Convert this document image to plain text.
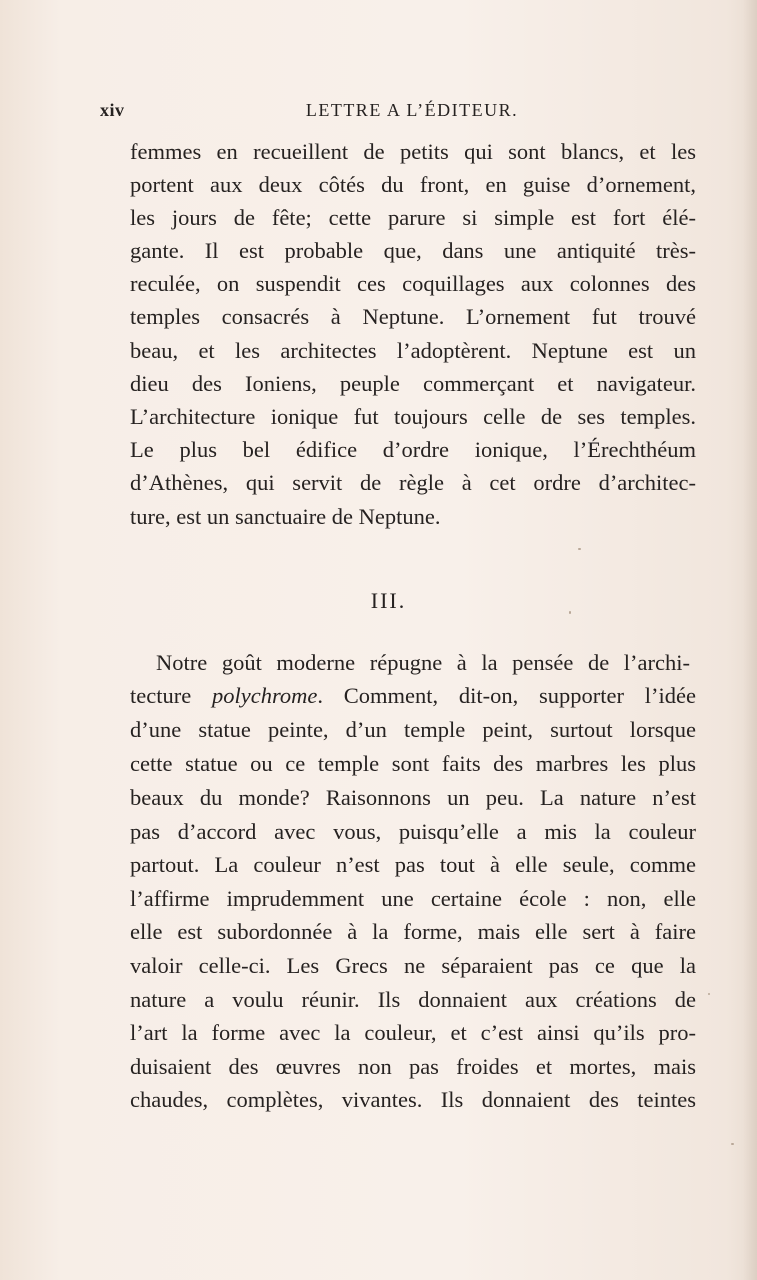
xiv	LETTRE A L’ÉDITEUR.
femmes en recueillent de petits qui sont blancs, et les
portent aux deux côtés du front, en guise d’ornement,
les jours de fête; cette parure si simple est fort élé-
gante. Il est probable que, dans une antiquité très-
reculée, on suspendit ces coquillages aux colonnes des
temples consacrés à Neptune. L’ornement fut trouvé
beau, et les architectes l’adoptèrent. Neptune est un
dieu des Ioniens, peuple commerçant et navigateur.
L’architecture ionique fut toujours celle de ses temples.
Le plus bel édifice d’ordre ionique, l’Érechthéum
d’Athènes, qui servit de règle à cet ordre d’architec-
ture, est un sanctuaire de Neptune.
III.
Notre goût moderne répugne à la pensée de l’archi-
tecture polychrome. Comment, dit-on, supporter l’idée
d’une statue peinte, d’un temple peint, surtout lorsque
cette statue ou ce temple sont faits des marbres les plus
beaux du monde? Raisonnons un peu. La nature n’est
pas d’accord avec vous, puisqu’elle a mis la couleur
partout. La couleur n’est pas tout à elle seule, comme
l’affirme imprudemment une certaine école : non, elle
elle est subordonnée à la forme, mais elle sert à faire
valoir celle-ci. Les Grecs ne séparaient pas ce que la
nature a voulu réunir. Ils donnaient aux créations de
l’art la forme avec la couleur, et c’est ainsi qu’ils pro-
duisaient des œuvres non pas froides et mortes, mais
chaudes, complètes, vivantes. Ils donnaient des teintes
